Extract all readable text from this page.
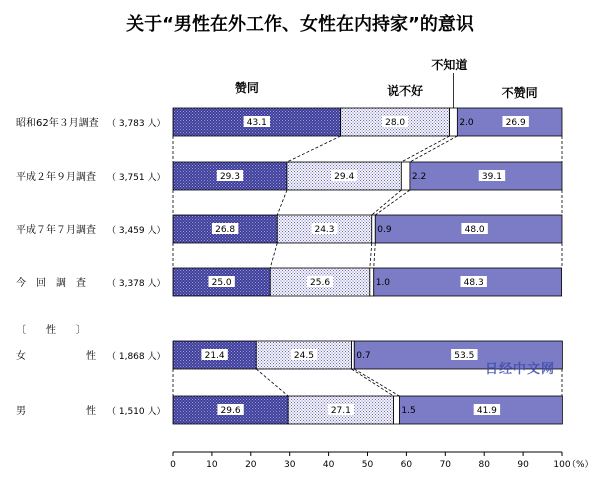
关于“男性在外工作、女性在内持家”的意识
昭和62年３月調査 （ 3,783 人）	43.1	28.0	2.0	26.9
平成２年９月調査 （ 3,751 人）	29.3	29.4	2.2	39.1
平成７年７月調査 （ 3,459 人）	26.8	24.3	0.9	48.0
今　回　調　査 （ 3,378 人）	25.0	25.6	1.0	48.3
〔　　性　　〕
女　　　　　　性 （ 1,868 人）	21.4	24.5	0.7	53.5
男　　　　　　性 （ 1,510 人）	29.6	27.1	1.5	41.9
赞同	说不好
不知道
不赞同
0	10	20	30	40	50	60	70	80	90	100
（%）
日经中文网
